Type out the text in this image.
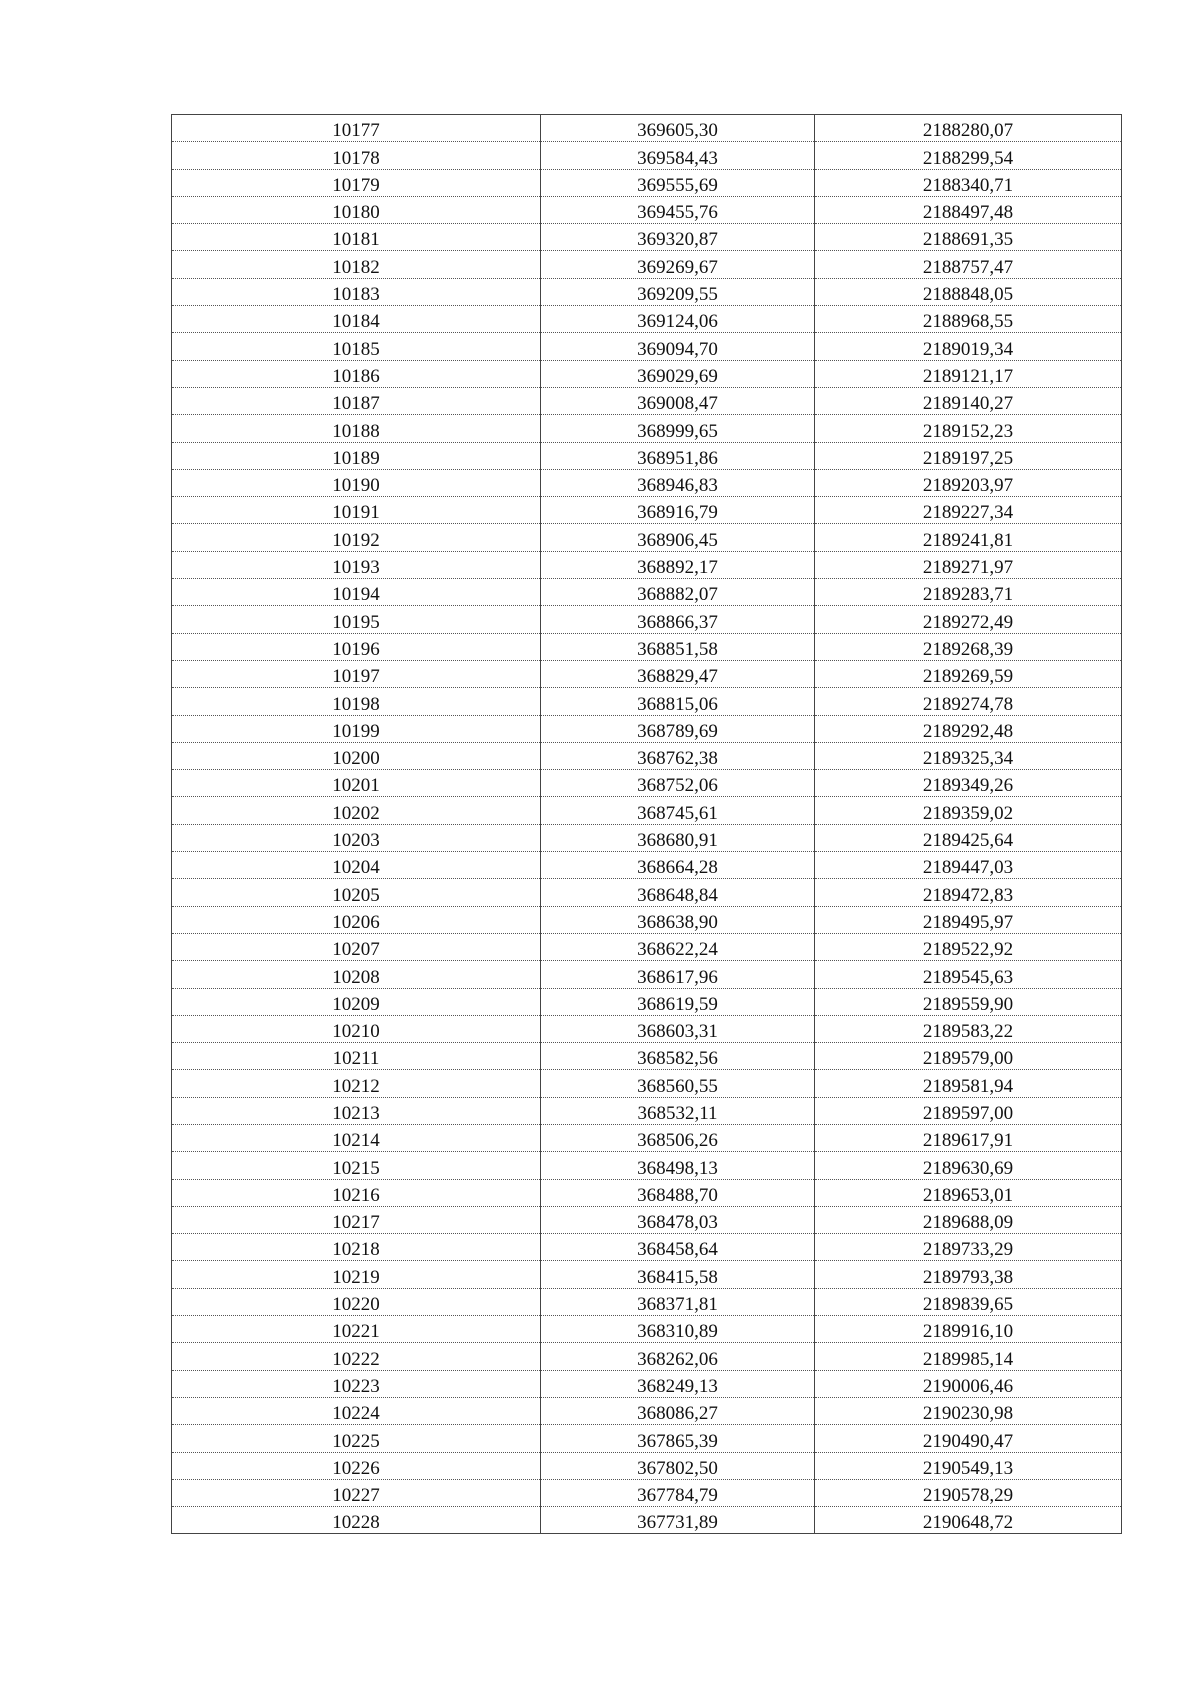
10177	369605,30	2188280,07
10178	369584,43	2188299,54
10179	369555,69	2188340,71
10180	369455,76	2188497,48
10181	369320,87	2188691,35
10182	369269,67	2188757,47
10183	369209,55	2188848,05
10184	369124,06	2188968,55
10185	369094,70	2189019,34
10186	369029,69	2189121,17
10187	369008,47	2189140,27
10188	368999,65	2189152,23
10189	368951,86	2189197,25
10190	368946,83	2189203,97
10191	368916,79	2189227,34
10192	368906,45	2189241,81
10193	368892,17	2189271,97
10194	368882,07	2189283,71
10195	368866,37	2189272,49
10196	368851,58	2189268,39
10197	368829,47	2189269,59
10198	368815,06	2189274,78
10199	368789,69	2189292,48
10200	368762,38	2189325,34
10201	368752,06	2189349,26
10202	368745,61	2189359,02
10203	368680,91	2189425,64
10204	368664,28	2189447,03
10205	368648,84	2189472,83
10206	368638,90	2189495,97
10207	368622,24	2189522,92
10208	368617,96	2189545,63
10209	368619,59	2189559,90
10210	368603,31	2189583,22
10211	368582,56	2189579,00
10212	368560,55	2189581,94
10213	368532,11	2189597,00
10214	368506,26	2189617,91
10215	368498,13	2189630,69
10216	368488,70	2189653,01
10217	368478,03	2189688,09
10218	368458,64	2189733,29
10219	368415,58	2189793,38
10220	368371,81	2189839,65
10221	368310,89	2189916,10
10222	368262,06	2189985,14
10223	368249,13	2190006,46
10224	368086,27	2190230,98
10225	367865,39	2190490,47
10226	367802,50	2190549,13
10227	367784,79	2190578,29
10228	367731,89	2190648,72
